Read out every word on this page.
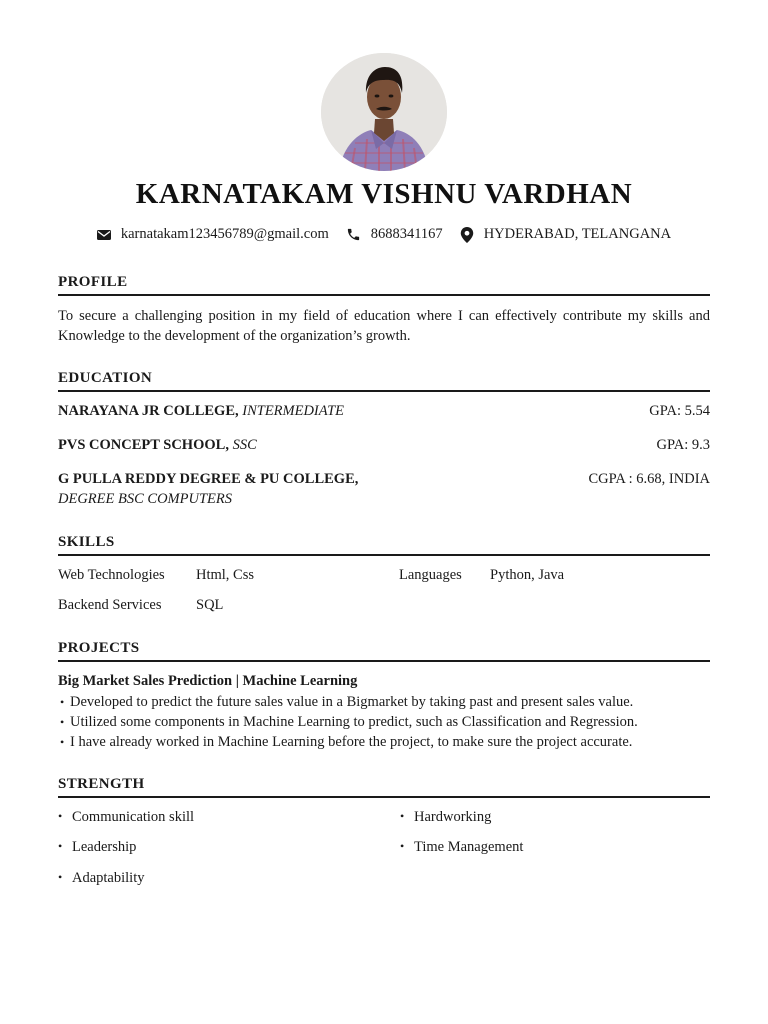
KARNATAKAM VISHNU VARDHAN
karnatakam123456789@gmail.com	8688341167	HYDERABAD, TELANGANA
PROFILE
To secure a challenging position in my field of education where I can effectively contribute my skills and Knowledge to the development of the organization’s growth.
EDUCATION
NARAYANA JR COLLEGE, INTERMEDIATE	GPA: 5.54
PVS CONCEPT SCHOOL, SSC	GPA: 9.3
G PULLA REDDY DEGREE & PU COLLEGE,	CGPA : 6.68, INDIA
DEGREE BSC COMPUTERS
SKILLS
Web Technologies Html, Css	Languages Python, Java
Backend Services SQL
PROJECTS
Big Market Sales Prediction | Machine Learning
• Developed to predict the future sales value in a Bigmarket by taking past and present sales value.
• Utilized some components in Machine Learning to predict, such as Classification and Regression.
• I have already worked in Machine Learning before the project, to make sure the project accurate.
STRENGTH
• Communication skill	• Hardworking
• Leadership	• Time Management
• Adaptability
